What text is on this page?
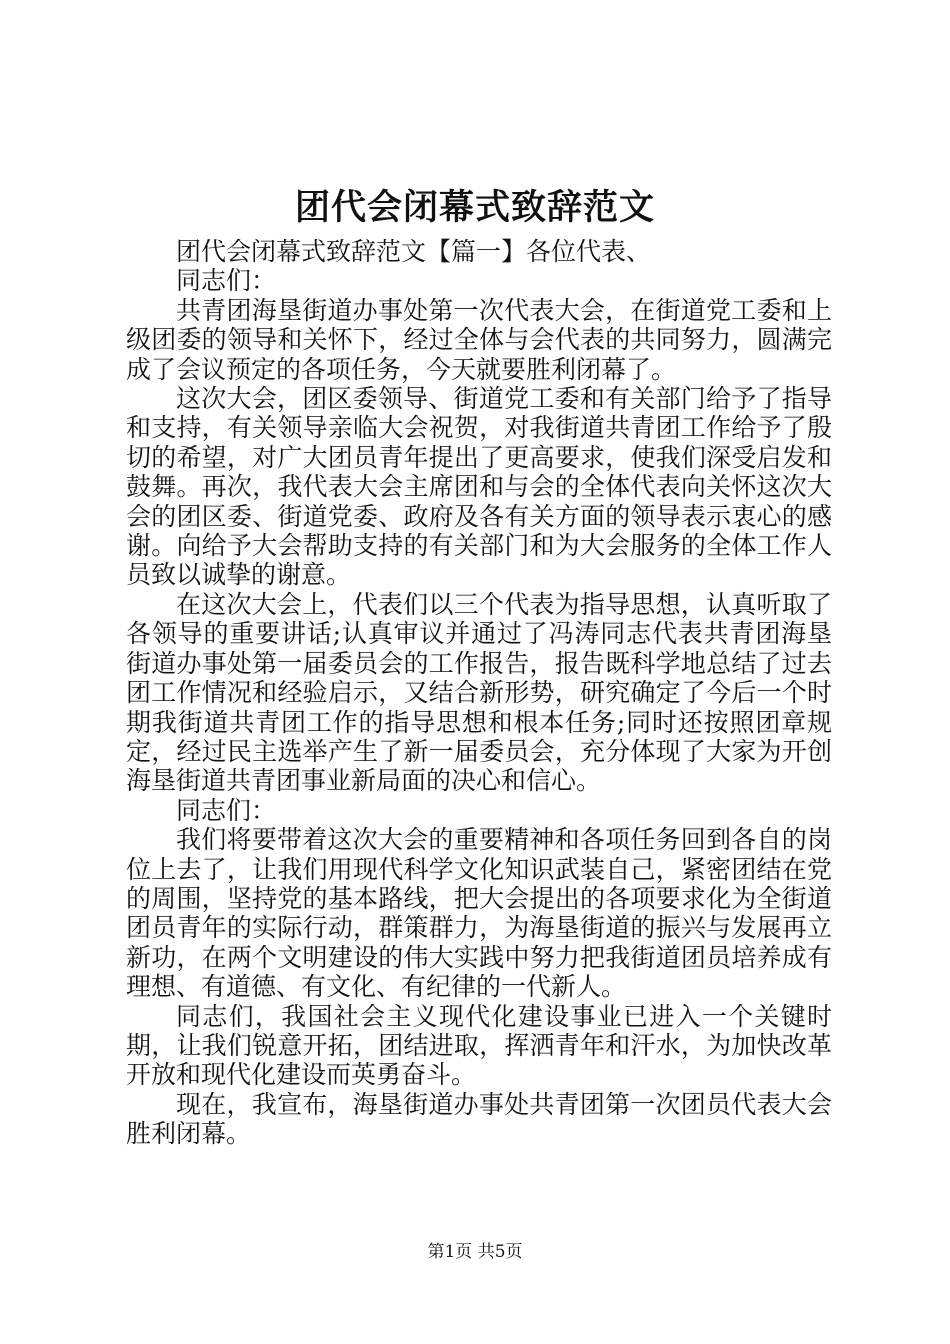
团代会闭幕式致辞范文

团代会闭幕式致辞范文【篇一】各位代表、

同志们：

共青团海垦街道办事处第一次代表大会，在街道党工委和上级团委的领导和关怀下，经过全体与会代表的共同努力，圆满完成了会议预定的各项任务，今天就要胜利闭幕了。

这次大会，团区委领导、街道党工委和有关部门给予了指导和支持，有关领导亲临大会祝贺，对我街道共青团工作给予了殷切的希望，对广大团员青年提出了更高要求，使我们深受启发和鼓舞。再次，我代表大会主席团和与会的全体代表向关怀这次大会的团区委、街道党委、政府及各有关方面的领导表示衷心的感谢。向给予大会帮助支持的有关部门和为大会服务的全体工作人员致以诚挚的谢意。

在这次大会上，代表们以三个代表为指导思想，认真听取了各领导的重要讲话;认真审议并通过了冯涛同志代表共青团海垦街道办事处第一届委员会的工作报告，报告既科学地总结了过去团工作情况和经验启示，又结合新形势，研究确定了今后一个时期我街道共青团工作的指导思想和根本任务;同时还按照团章规定，经过民主选举产生了新一届委员会，充分体现了大家为开创海垦街道共青团事业新局面的决心和信心。

同志们：

我们将要带着这次大会的重要精神和各项任务回到各自的岗位上去了，让我们用现代科学文化知识武装自己，紧密团结在党的周围，坚持党的基本路线，把大会提出的各项要求化为全街道团员青年的实际行动，群策群力，为海垦街道的振兴与发展再立新功，在两个文明建设的伟大实践中努力把我街道团员培养成有理想、有道德、有文化、有纪律的一代新人。

同志们，我国社会主义现代化建设事业已进入一个关键时期，让我们锐意开拓，团结进取，挥洒青年和汗水，为加快改革开放和现代化建设而英勇奋斗。

现在，我宣布，海垦街道办事处共青团第一次团员代表大会胜利闭幕。

第1页 共5页
